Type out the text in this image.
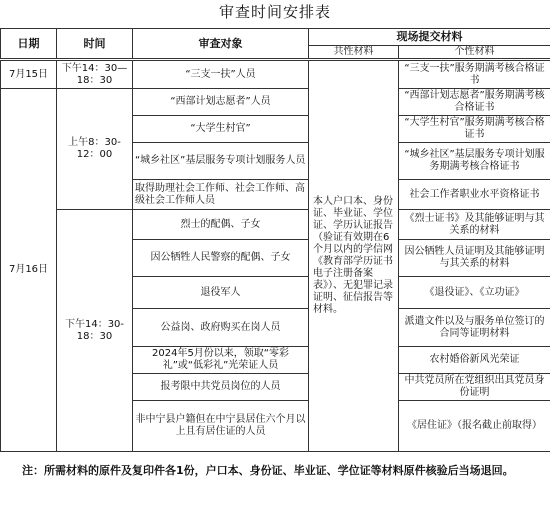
审查时间安排表
日期	时间	审查对象	现场提交材料	
			共性材料	个性材料
7月15日	下午14：30—18：30	“三支一扶”人员	本人户口本、身份证、毕业证、学位证、学历认证报告（验证有效期在6个月以内的学信网《教育部学历证书电子注册备案表》）、无犯罪记录证明、征信报告等材料。	“三支一扶”服务期满考核合格证书
7月16日	上午8：30-12：00	“西部计划志愿者”人员		“西部计划志愿者”服务期满考核合格证书
		“大学生村官”		“大学生村官”服务期满考核合格证书
		“城乡社区”基层服务专项计划服务人员		“城乡社区”基层服务专项计划服务期满考核合格证书
		取得助理社会工作师、社会工作师、高级社会工作师人员		社会工作者职业水平资格证书
	下午14：30-18：30	烈士的配偶、子女		《烈士证书》及其能够证明与其关系的材料
		因公牺牲人民警察的配偶、子女		因公牺牲人员证明及其能够证明与其关系的材料
		退役军人		《退役证》、《立功证》
		公益岗、政府购买在岗人员		派遣文件以及与服务单位签订的合同等证明材料
		2024年5月份以来，领取“零彩礼”或“低彩礼”光荣证人员		农村婚俗新风光荣证
		报考限中共党员岗位的人员		中共党员所在党组织出具党员身份证明
		非中宁县户籍但在中宁县居住六个月以上且有居住证的人员		《居住证》（报名截止前取得）
注：所需材料的原件及复印件各1份，户口本、身份证、毕业证、学位证等材料原件核验后当场退回。
